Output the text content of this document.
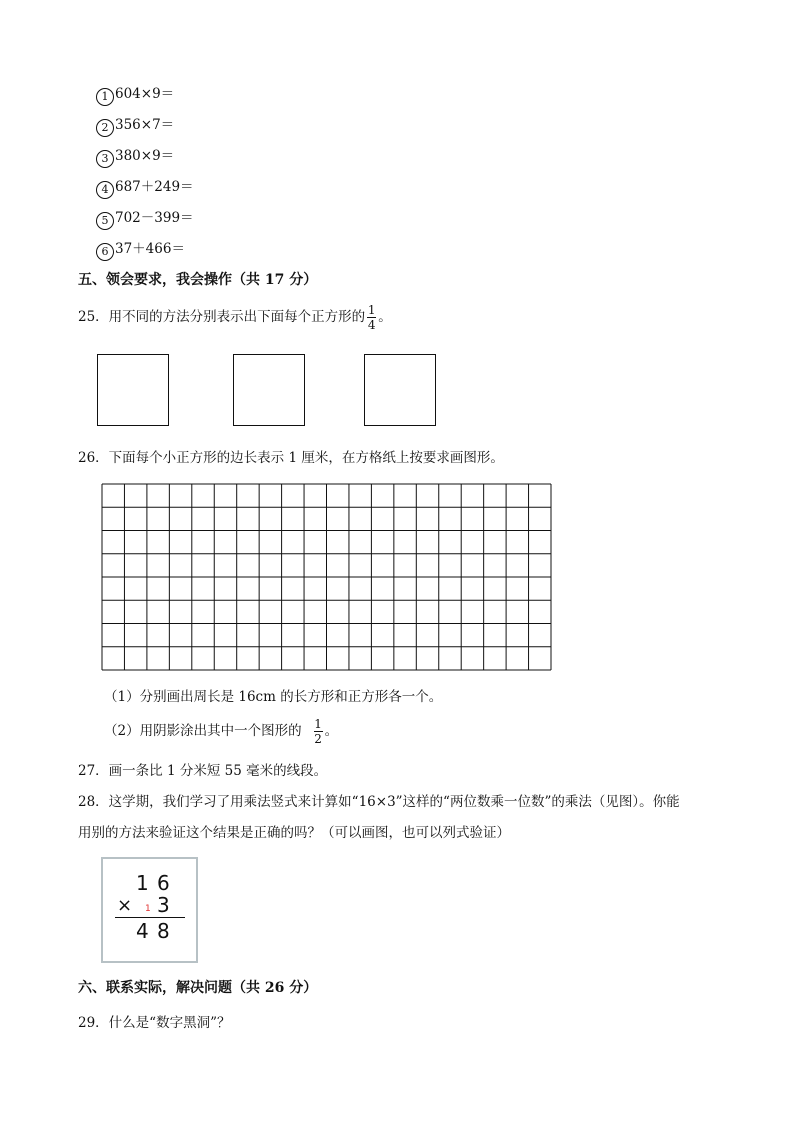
1 604×9＝
2 356×7＝
3 380×9＝
4 687＋249＝
5 702－399＝
6 37＋466＝
五、领会要求，我会操作（共 17 分）
25．用不同的方法分别表示出下面每个正方形的 $\frac{1}{4}$ 。
26．下面每个小正方形的边长表示 1 厘米，在方格纸上按要求画图形。
（1）分别画出周长是 16cm 的长方形和正方形各一个。
（2）用阴影涂出其中一个图形的 $\frac{1}{2}$ 。
27．画一条比 1 分米短 55 毫米的线段。
28．这学期，我们学习了用乘法竖式来计算如“16×3”这样的“两位数乘一位数”的乘法（见图）。你能
用别的方法来验证这个结果是正确的吗？（可以画图，也可以列式验证）
1 6
× 1 3
4 8
六、联系实际，解决问题（共 26 分）
29．什么是“数字黑洞”？
